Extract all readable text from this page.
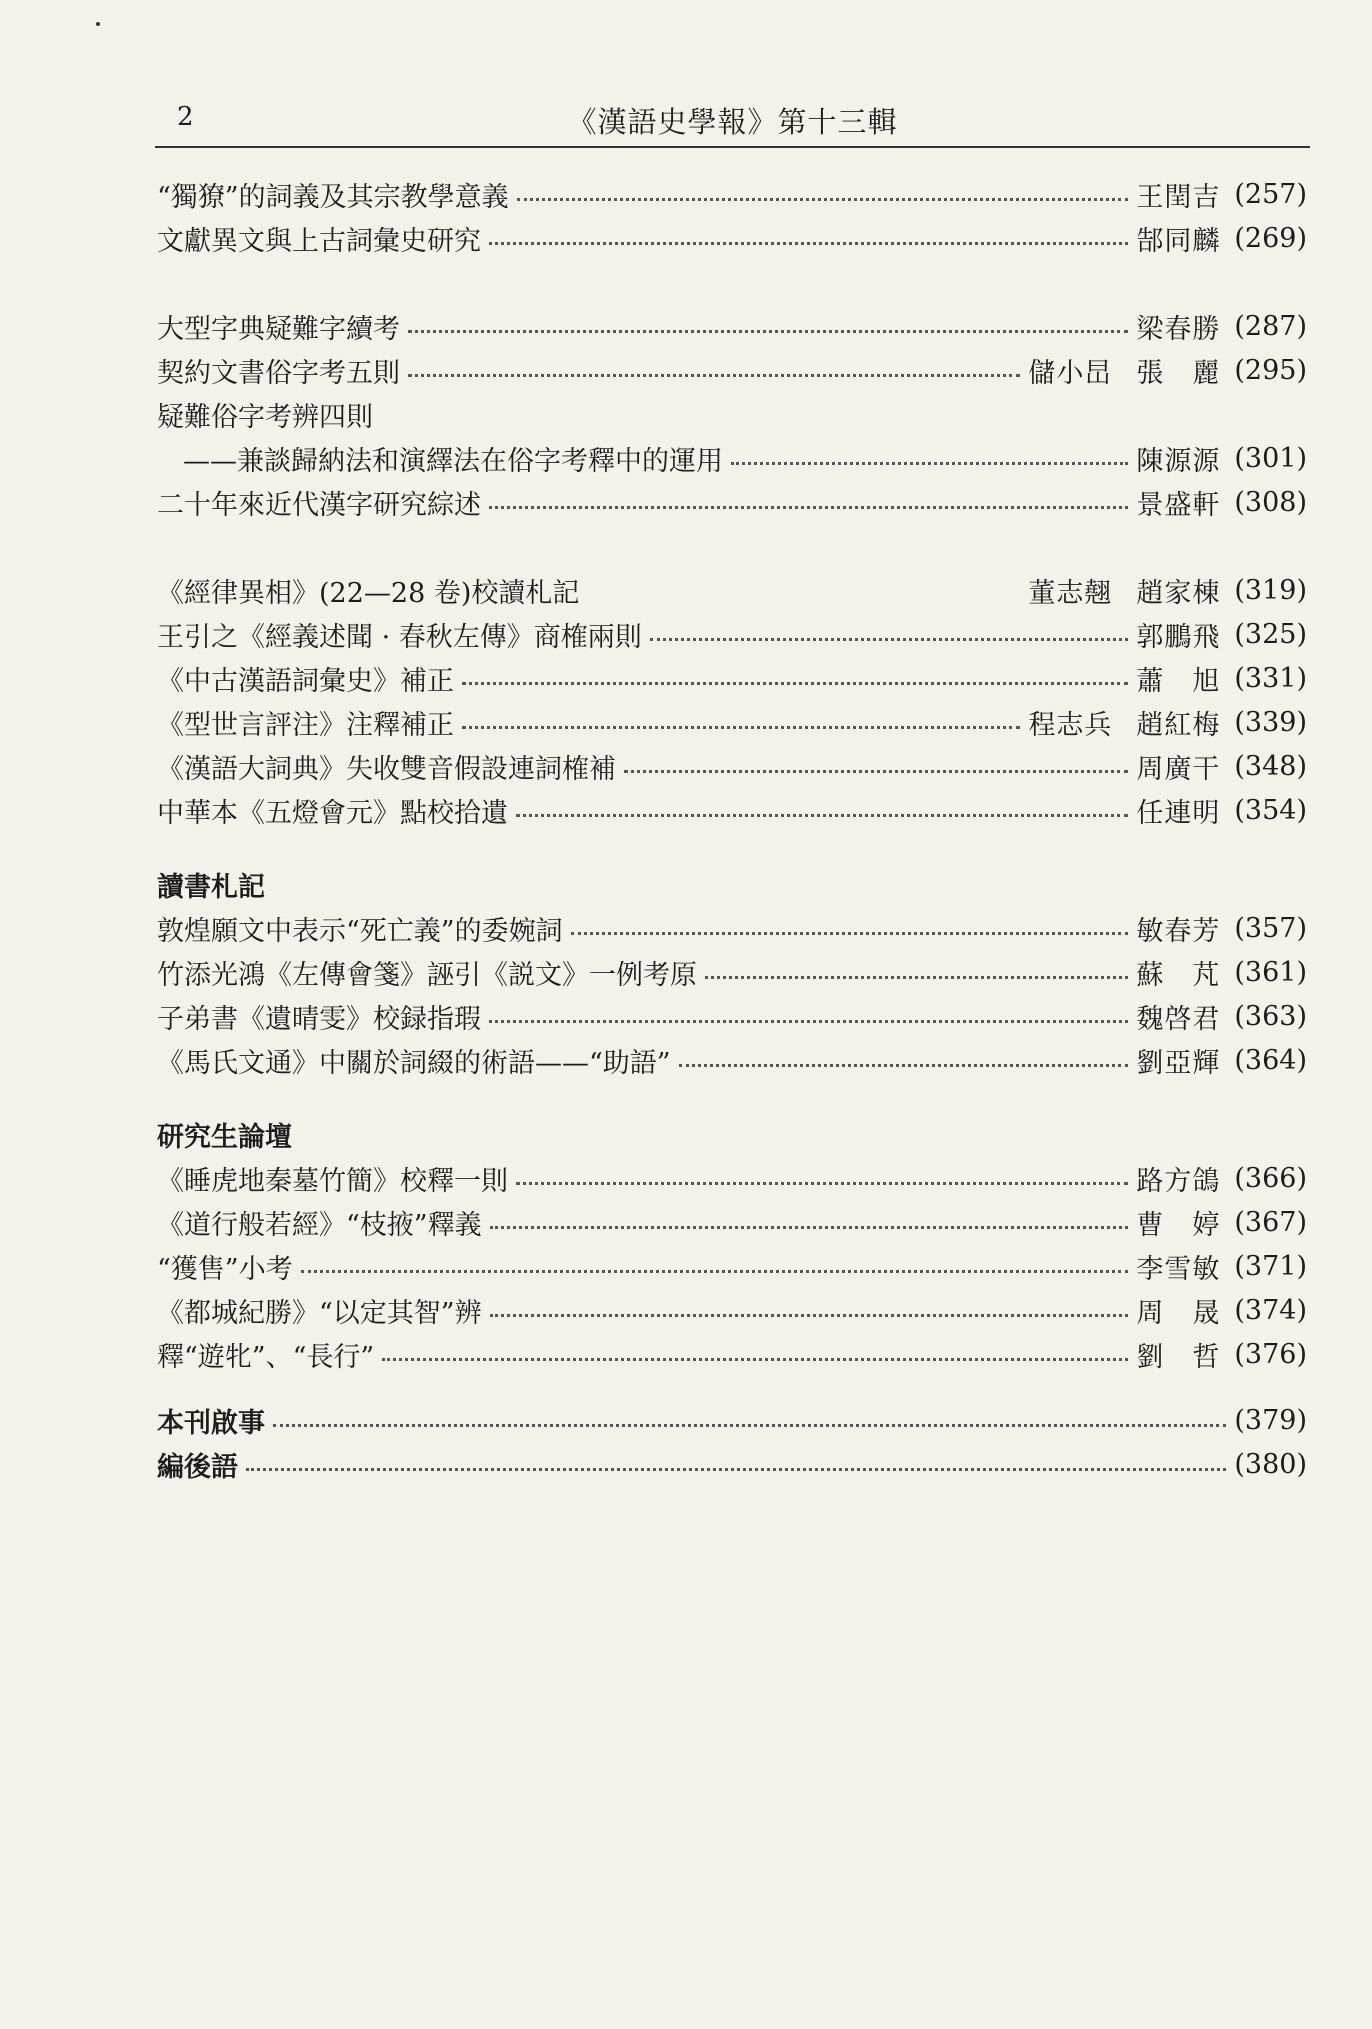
2	《漢語史學報》第十三輯
“獨獠”的詞義及其宗教學意義	王閏吉 (257)
文獻異文與上古詞彙史研究	郜同麟 (269)
大型字典疑難字續考	梁春勝 (287)
契約文書俗字考五則	儲小旵 張　麗 (295)
疑難俗字考辨四則
——兼談歸納法和演繹法在俗字考釋中的運用	陳源源 (301)
二十年來近代漢字研究綜述	景盛軒 (308)
《經律異相》(22—28 卷)校讀札記	董志翹 趙家棟 (319)
王引之《經義述聞 · 春秋左傳》商榷兩則	郭鵬飛 (325)
《中古漢語詞彙史》補正	蕭　旭 (331)
《型世言評注》注釋補正	程志兵 趙紅梅 (339)
《漢語大詞典》失收雙音假設連詞榷補	周廣干 (348)
中華本《五燈會元》點校拾遺	任連明 (354)
讀書札記
敦煌願文中表示“死亡義”的委婉詞	敏春芳 (357)
竹添光鴻《左傳會箋》誣引《説文》一例考原	蘇　芃 (361)
子弟書《遺晴雯》校録指瑕	魏啓君 (363)
《馬氏文通》中關於詞綴的術語——“助語”	劉亞輝 (364)
研究生論壇
《睡虎地秦墓竹簡》校釋一則	路方鴿 (366)
《道行般若經》“枝掖”釋義	曹　婷 (367)
“獲售”小考	李雪敏 (371)
《都城紀勝》“以定其智”辨	周　晟 (374)
釋“遊牝”、“長行”	劉　哲 (376)
本刊啟事	(379)
編後語	(380)
